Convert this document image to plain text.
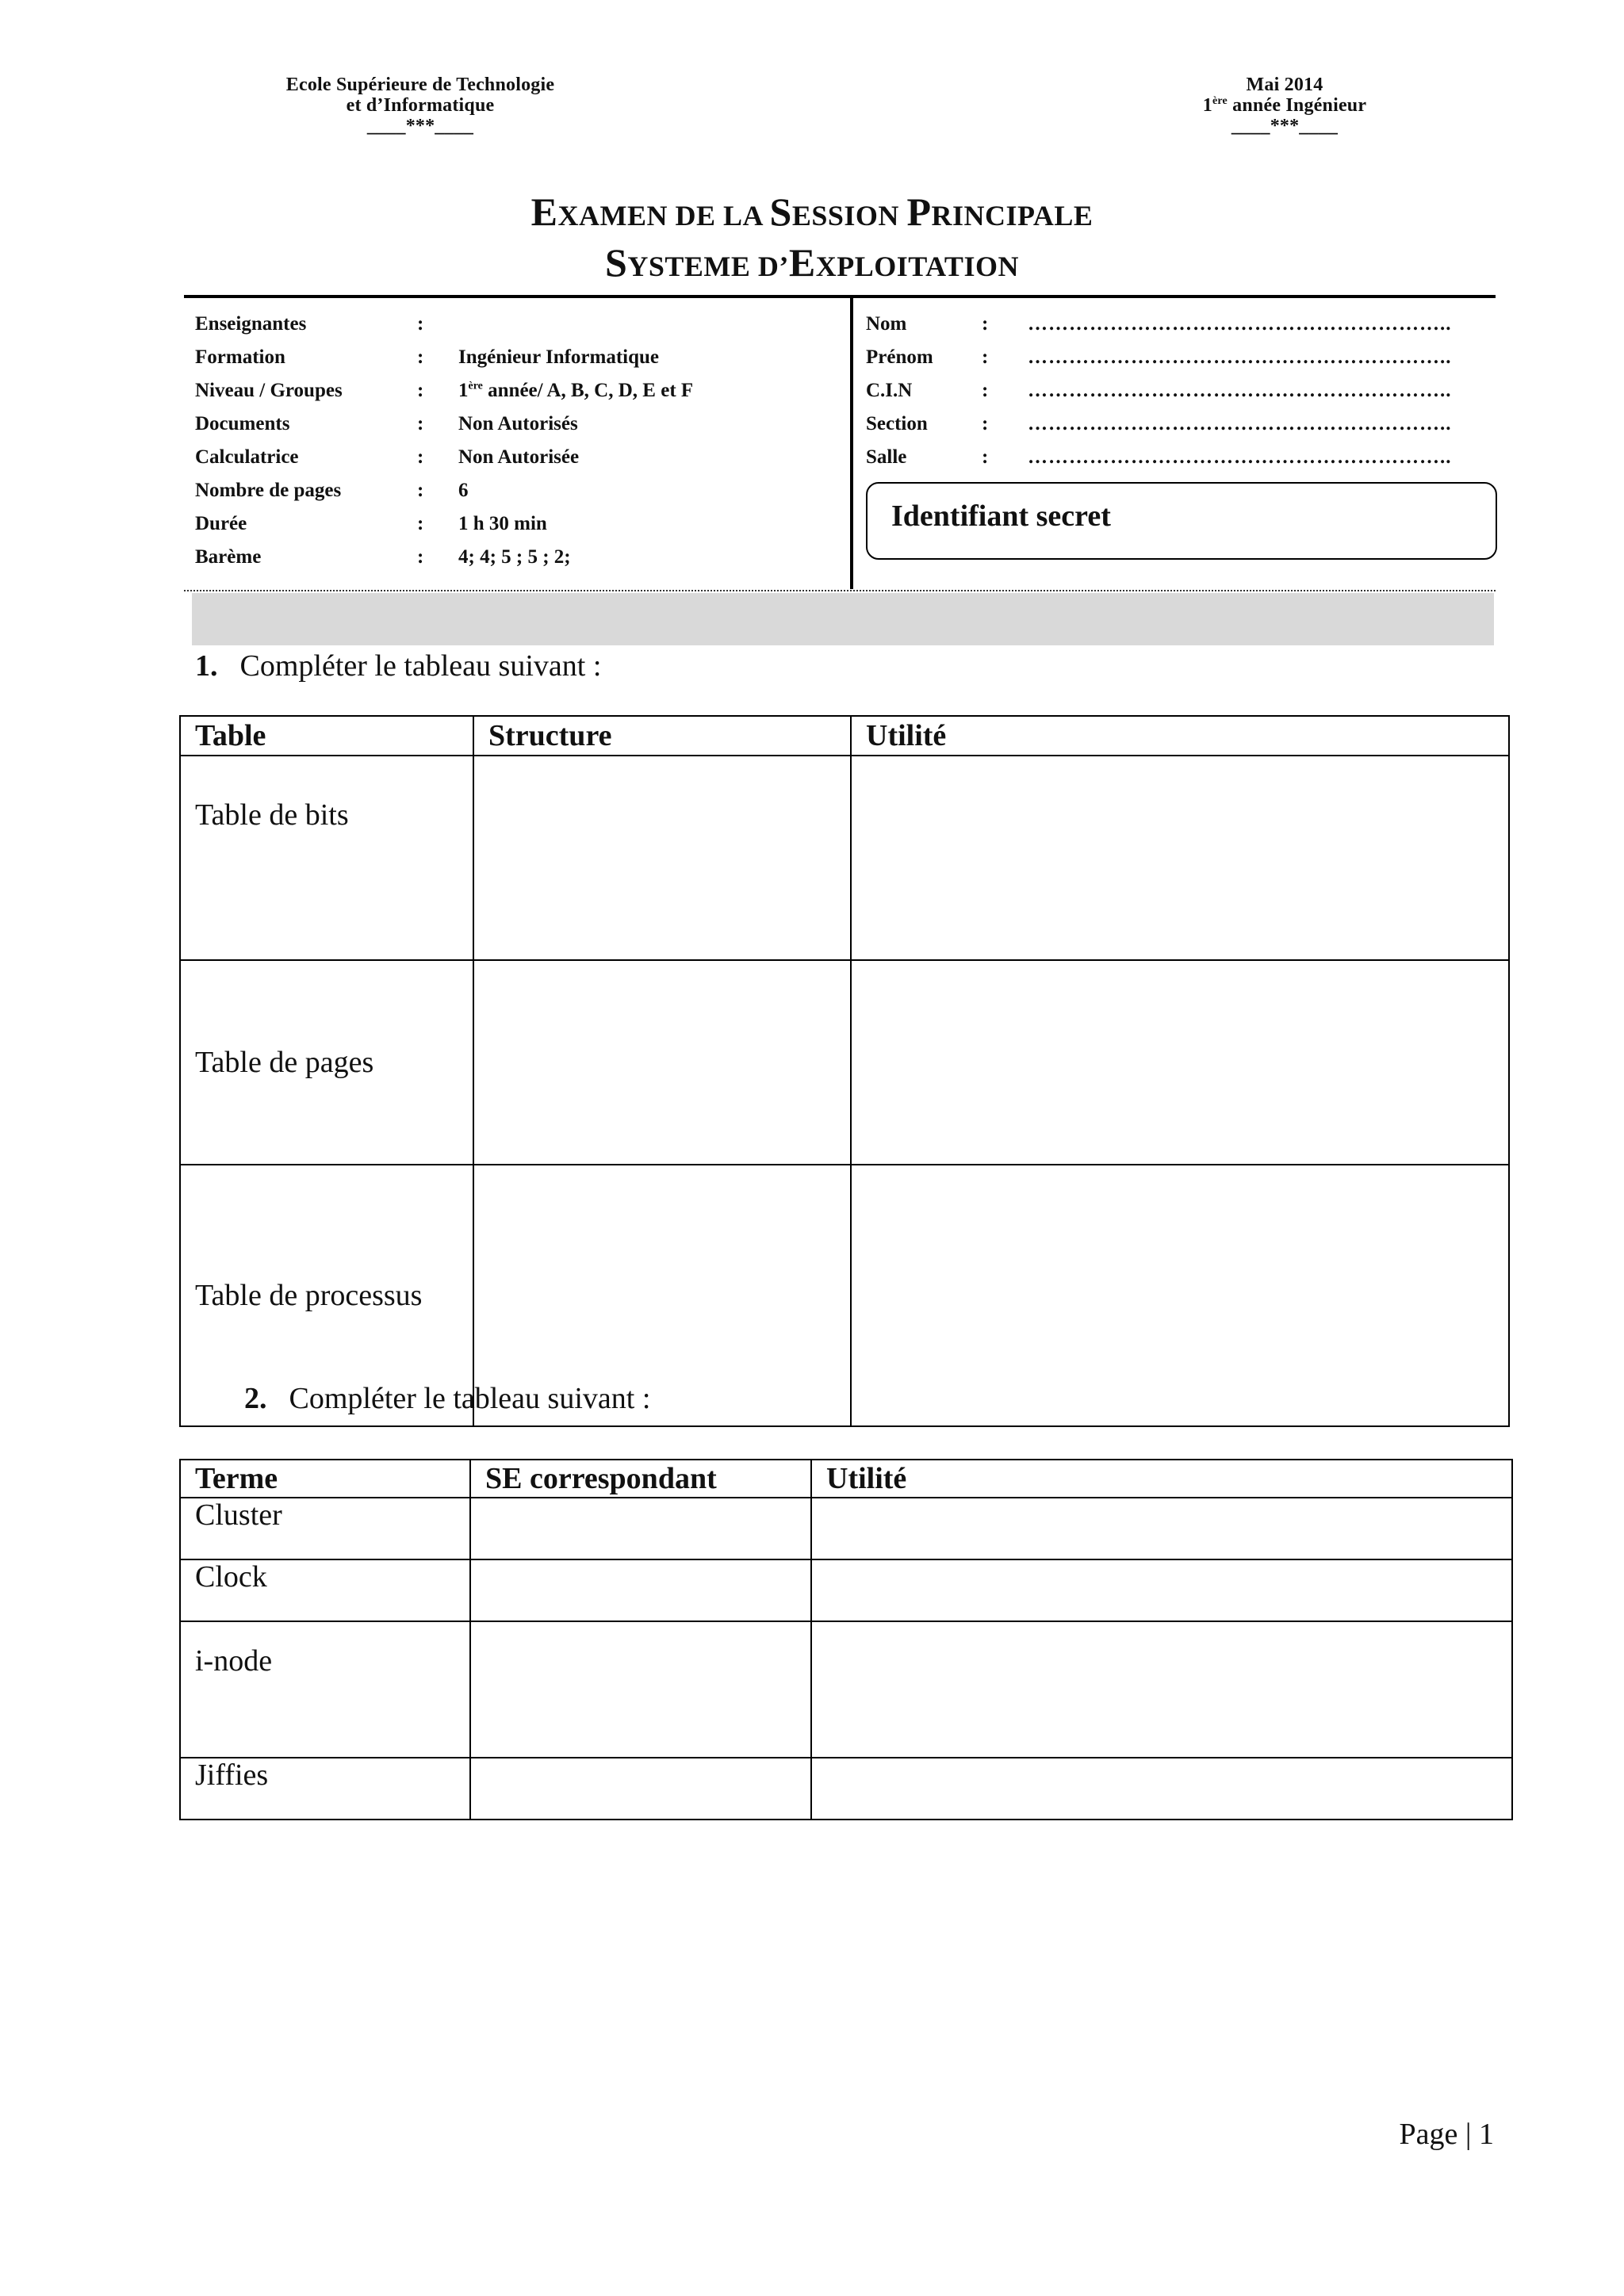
Ecole Supérieure de Technologie
et d’Informatique
____***____
Mai 2014
1ère année Ingénieur
____***____
EXAMEN DE LA SESSION PRINCIPALE
SYSTEME D’EXPLOITATION
Enseignantes	:
Formation	: Ingénieur Informatique
Niveau / Groupes	: 1ère année/ A, B, C, D, E et F
Documents	: Non Autorisés
Calculatrice	: Non Autorisée
Nombre de pages	: 6
Durée	: 1 h 30 min
Barème	: 4; 4; 5 ; 5 ; 2;
Nom	: ……………………………………………………..
Prénom : ……………………………………………………..
C.I.N	: ……………………………………………………..
Section	: ……………………………………………………..
Salle	: ……………………………………………………..
Identifiant secret
1. Compléter le tableau suivant :
Table	Structure	Utilité
Table de bits		
Table de pages		
Table de processus		
2. Compléter le tableau suivant :
Terme	SE correspondant	Utilité
Cluster		
Clock		
i-node		
Jiffies		
Page | 1
